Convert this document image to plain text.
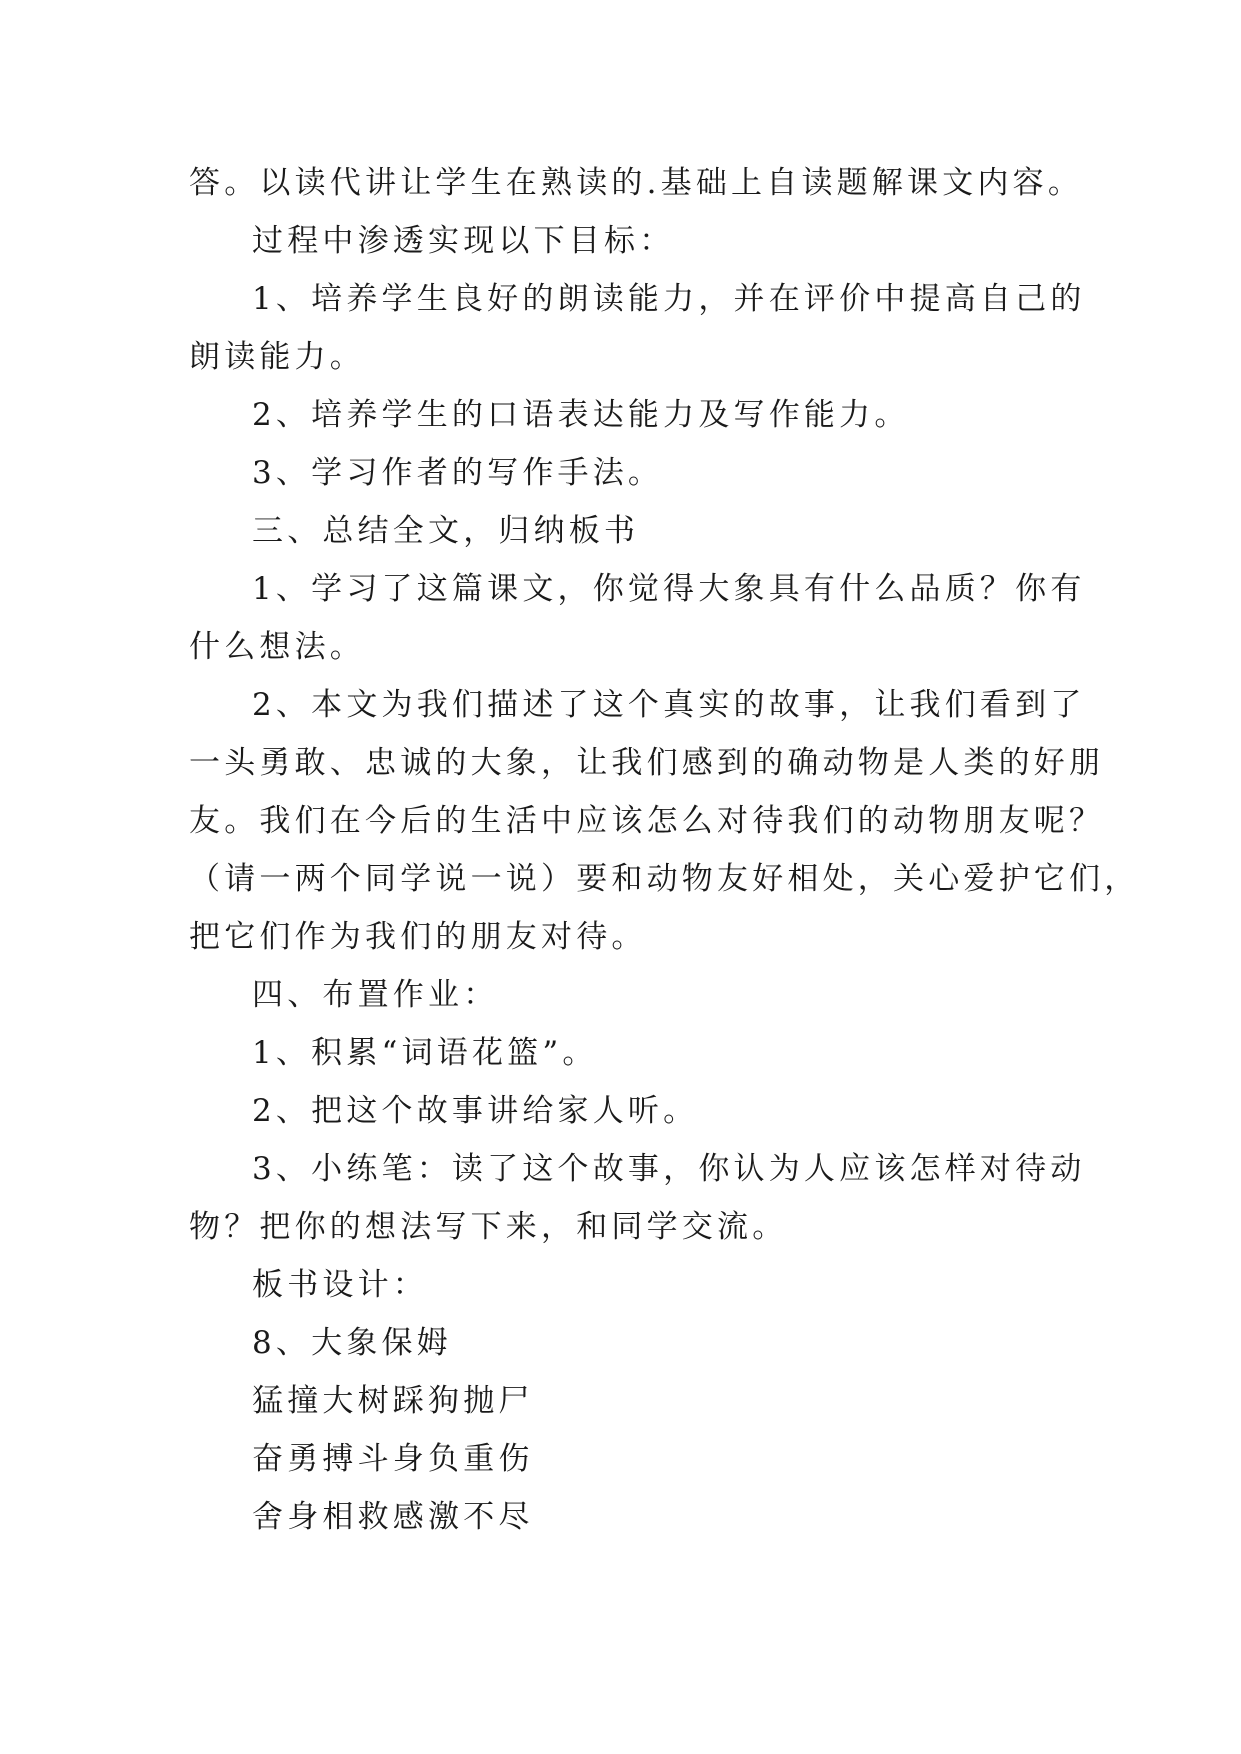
答。以读代讲让学生在熟读的.基础上自读题解课文内容。
过程中渗透实现以下目标：
1、培养学生良好的朗读能力，并在评价中提高自己的
朗读能力。
2、培养学生的口语表达能力及写作能力。
3、学习作者的写作手法。
三、总结全文，归纳板书
1、学习了这篇课文，你觉得大象具有什么品质？你有
什么想法。
2、本文为我们描述了这个真实的故事，让我们看到了
一头勇敢、忠诚的大象，让我们感到的确动物是人类的好朋
友。我们在今后的生活中应该怎么对待我们的动物朋友呢？
（请一两个同学说一说）要和动物友好相处，关心爱护它们，
把它们作为我们的朋友对待。
四、布置作业：
1、积累“词语花篮”。
2、把这个故事讲给家人听。
3、小练笔：读了这个故事，你认为人应该怎样对待动
物？把你的想法写下来，和同学交流。
板书设计：
8、大象保姆
猛撞大树踩狗抛尸
奋勇搏斗身负重伤
舍身相救感激不尽
